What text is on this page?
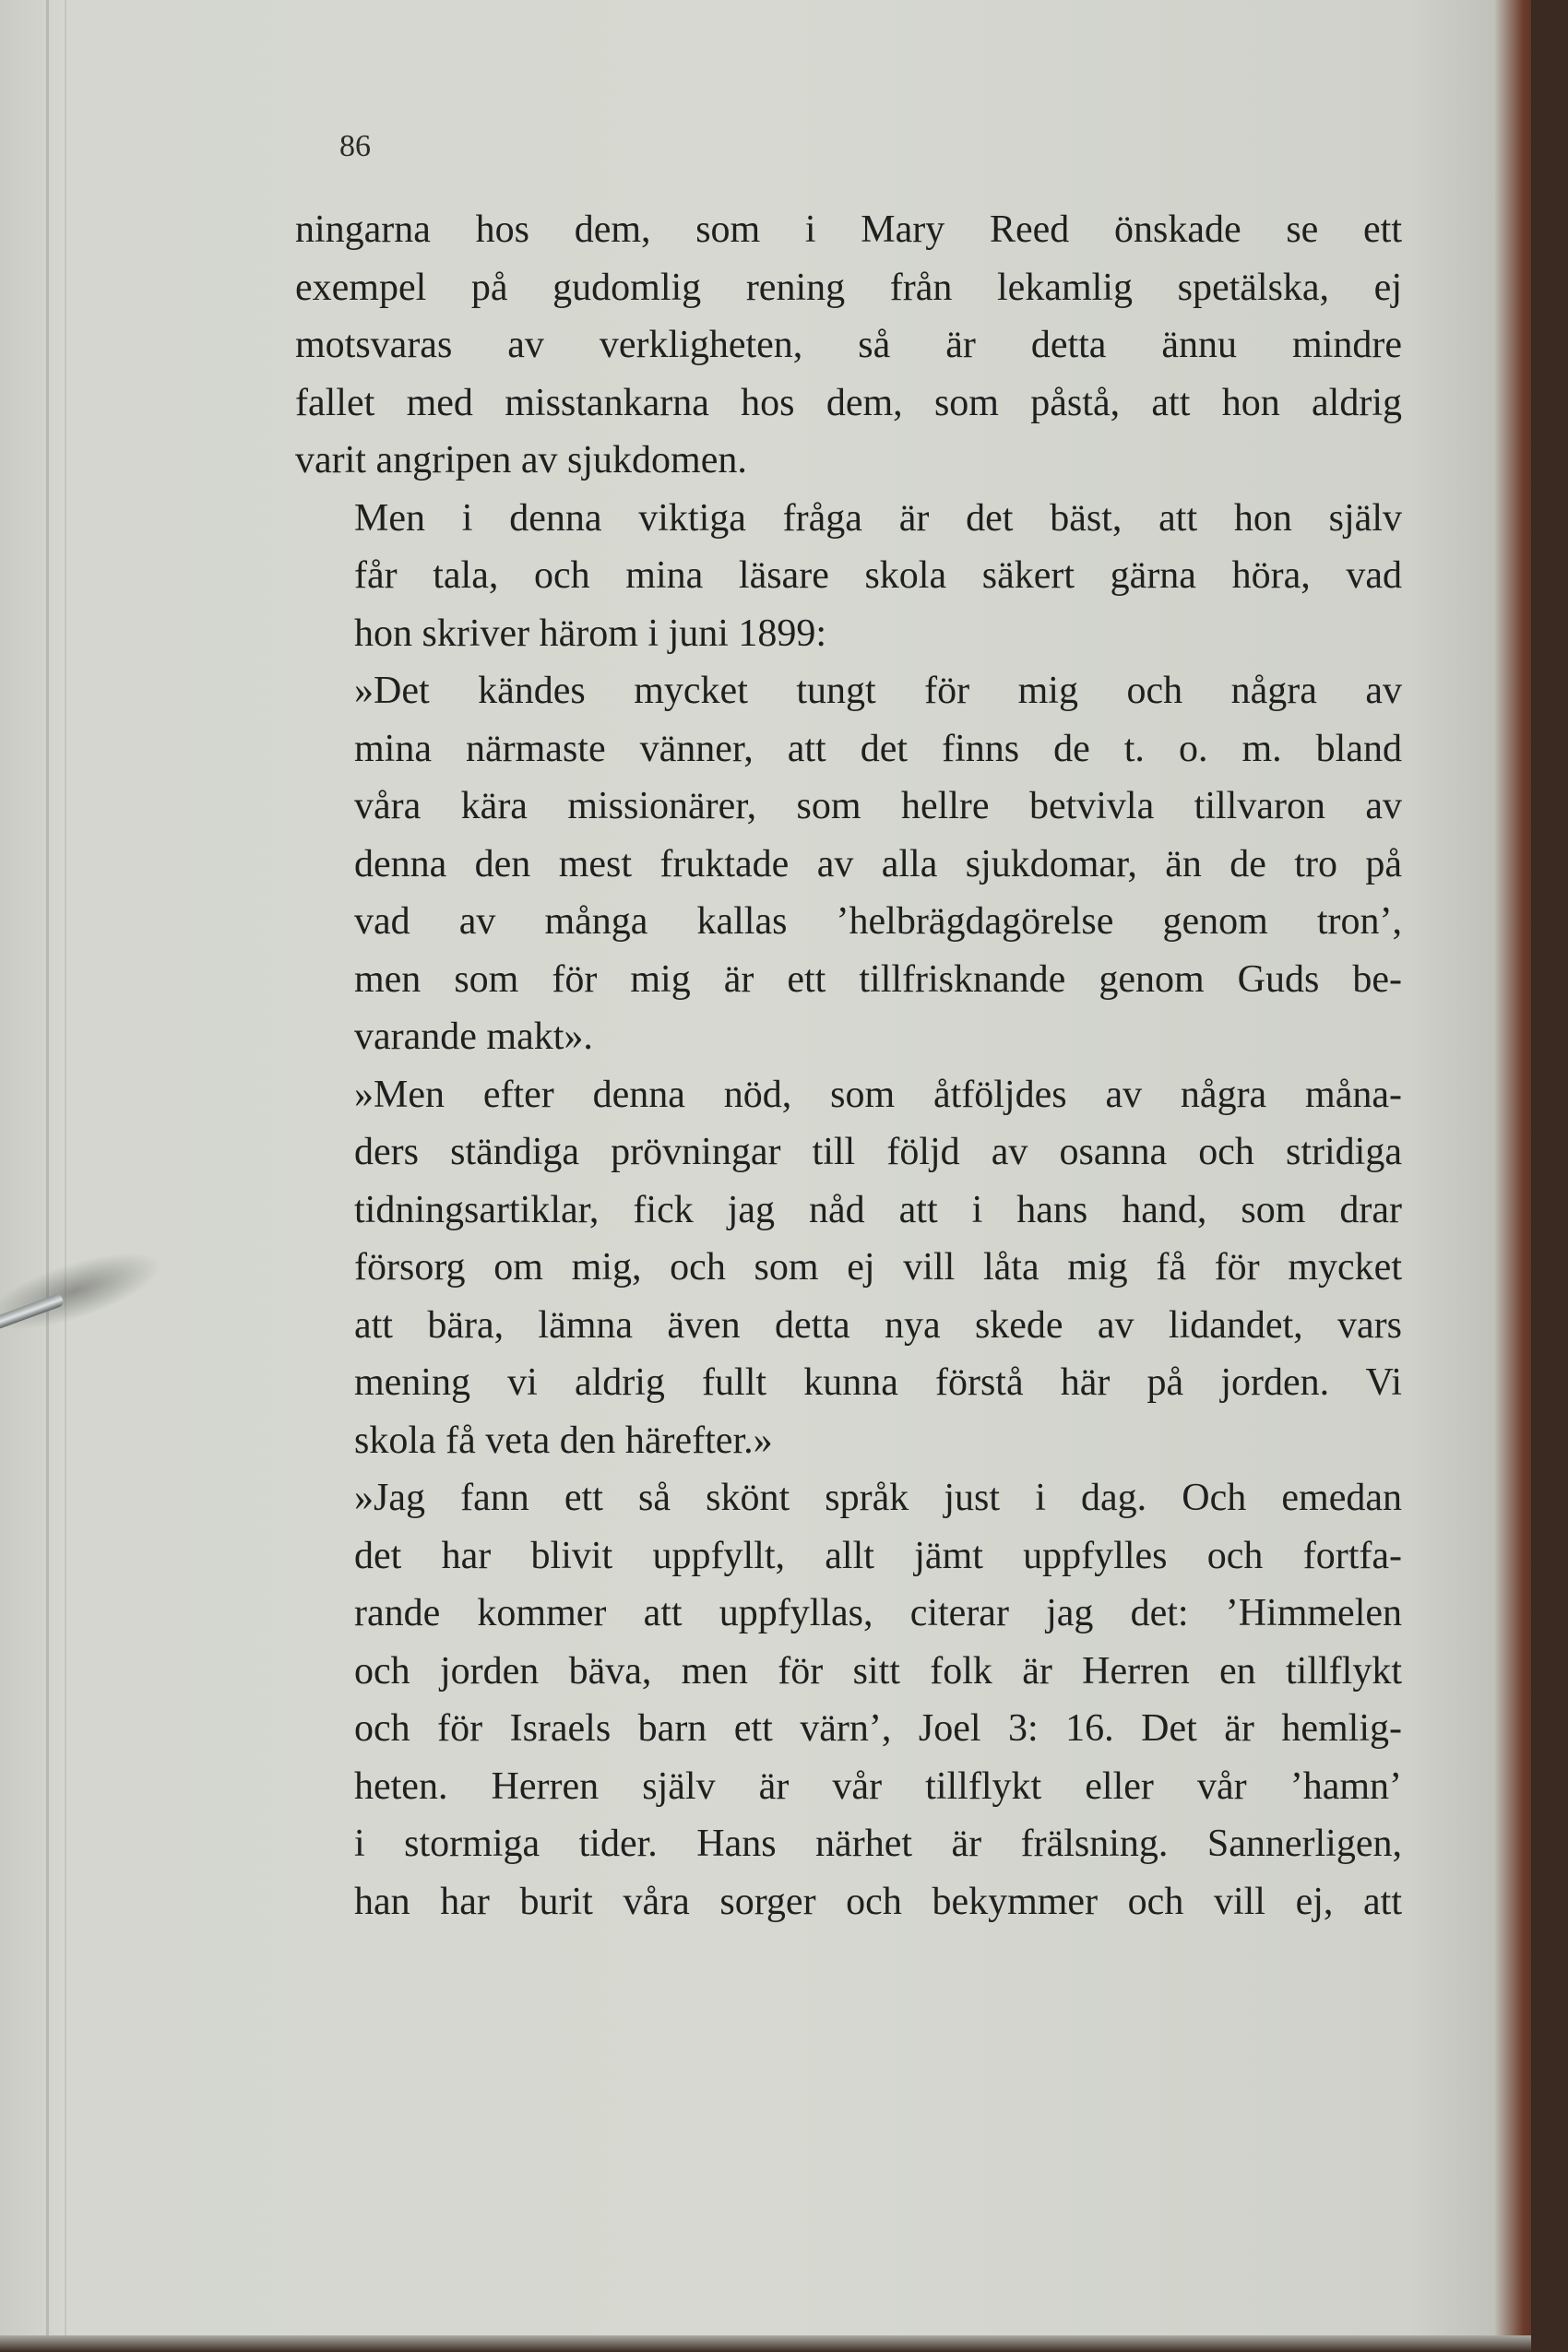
86

ningarna hos dem, som i Mary Reed önskade se ett
exempel på gudomlig rening från lekamlig spetälska, ej
motsvaras av verkligheten, så är detta ännu mindre
fallet med misstankarna hos dem, som påstå, att hon aldrig
varit angripen av sjukdomen.

Men i denna viktiga fråga är det bäst, att hon själv
får tala, och mina läsare skola säkert gärna höra, vad
hon skriver härom i juni 1899:

»Det kändes mycket tungt för mig och några av
mina närmaste vänner, att det finns de t. o. m. bland
våra kära missionärer, som hellre betvivla tillvaron av
denna den mest fruktade av alla sjukdomar, än de tro på
vad av många kallas ’helbrägdagörelse genom tron’,
men som för mig är ett tillfrisknande genom Guds be-
varande makt».

»Men efter denna nöd, som åtföljdes av några måna-
ders ständiga prövningar till följd av osanna och stridiga
tidningsartiklar, fick jag nåd att i hans hand, som drar
försorg om mig, och som ej vill låta mig få för mycket
att bära, lämna även detta nya skede av lidandet, vars
mening vi aldrig fullt kunna förstå här på jorden. Vi
skola få veta den härefter.»

»Jag fann ett så skönt språk just i dag. Och emedan
det har blivit uppfyllt, allt jämt uppfylles och fortfa-
rande kommer att uppfyllas, citerar jag det: ’Himmelen
och jorden bäva, men för sitt folk är Herren en tillflykt
och för Israels barn ett värn’, Joel 3: 16. Det är hemlig-
heten. Herren själv är vår tillflykt eller vår ’hamn’
i stormiga tider. Hans närhet är frälsning. Sannerligen,
han har burit våra sorger och bekymmer och vill ej, att
